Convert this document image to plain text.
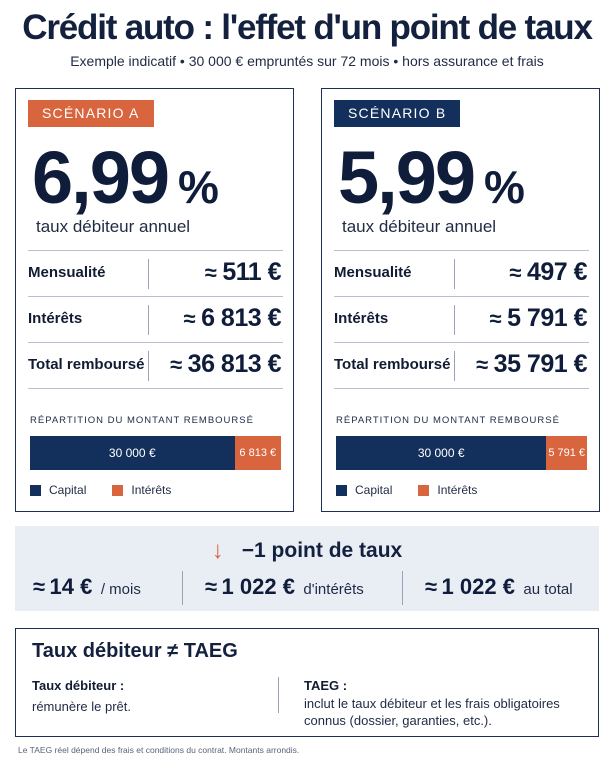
Crédit auto : l'effet d'un point de taux
Exemple indicatif • 30 000 € empruntés sur 72 mois • hors assurance et frais
SCÉNARIO A
6,99 %
taux débiteur annuel
Mensualité	≈ 511 €
Intérêts	≈ 6 813 €
Total remboursé ≈ 36 813 €
RÉPARTITION DU MONTANT REMBOURSÉ
30 000 €	6 813 €
Capital	Intérêts
SCÉNARIO B
5,99 %
taux débiteur annuel
Mensualité	≈ 497 €
Intérêts	≈ 5 791 €
Total remboursé ≈ 35 791 €
RÉPARTITION DU MONTANT REMBOURSÉ
30 000 €	5 791 €
Capital	Intérêts
↓ −1 point de taux
≈ 14 € / mois	≈ 1 022 € d'intérêts	≈ 1 022 € au total
Taux débiteur ≠ TAEG
Taux débiteur :
rémunère le prêt.
TAEG :
inclut le taux débiteur et les frais obligatoires connus (dossier, garanties, etc.).
Le TAEG réel dépend des frais et conditions du contrat. Montants arrondis.
